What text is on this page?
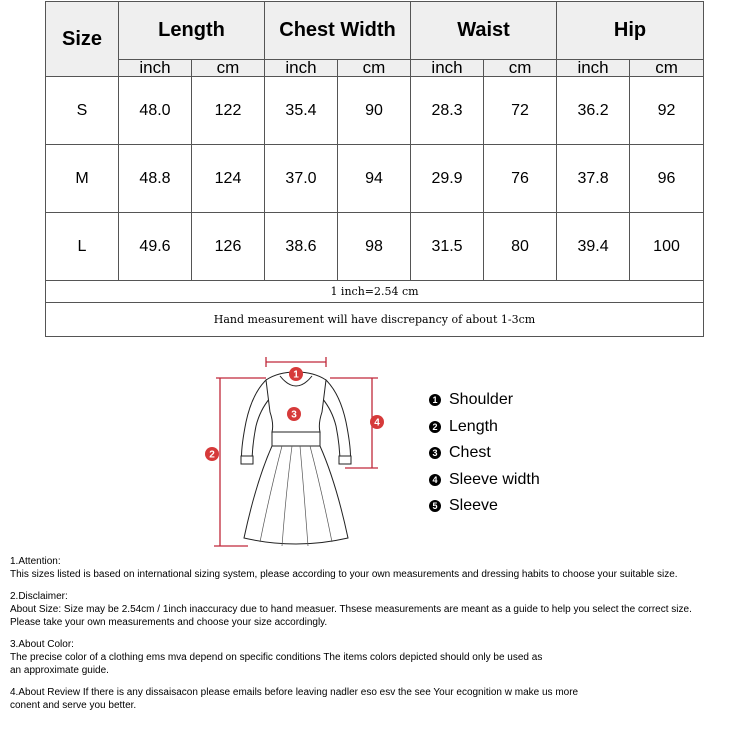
Size	Length		Chest Width		Waist		Hip	
	inch	cm	inch	cm	inch	cm	inch	cm
S	48.0	122	35.4	90	28.3	72	36.2	92
M	48.8	124	37.0	94	29.9	76	37.8	96
L	49.6	126	38.6	98	31.5	80	39.4	100
1 inch=2.54 cm								
Hand measurement will have discrepancy of about 1-3cm								
1
3
2
4
1 Shoulder
2 Length
3 Chest
4 Sleeve width
5 Sleeve

1.Attention:
This sizes listed is based on international sizing system, please according to your own measurements and dressing habits to choose your suitable size.

2.Disclaimer:
About Size: Size may be 2.54cm / 1inch inaccuracy due to hand measuer. Thsese measurements are meant as a guide to help you select the correct size.
Please take your own measurements and choose your size accordingly.

3.About Color:
The precise color of a clothing ems mva depend on specific conditions The items colors depicted should only be used as
an approximate guide.

4.About Review If there is any dissaisacon please emails before leaving nadler eso esv the see Your ecognition w make us more
conent and serve you better.
